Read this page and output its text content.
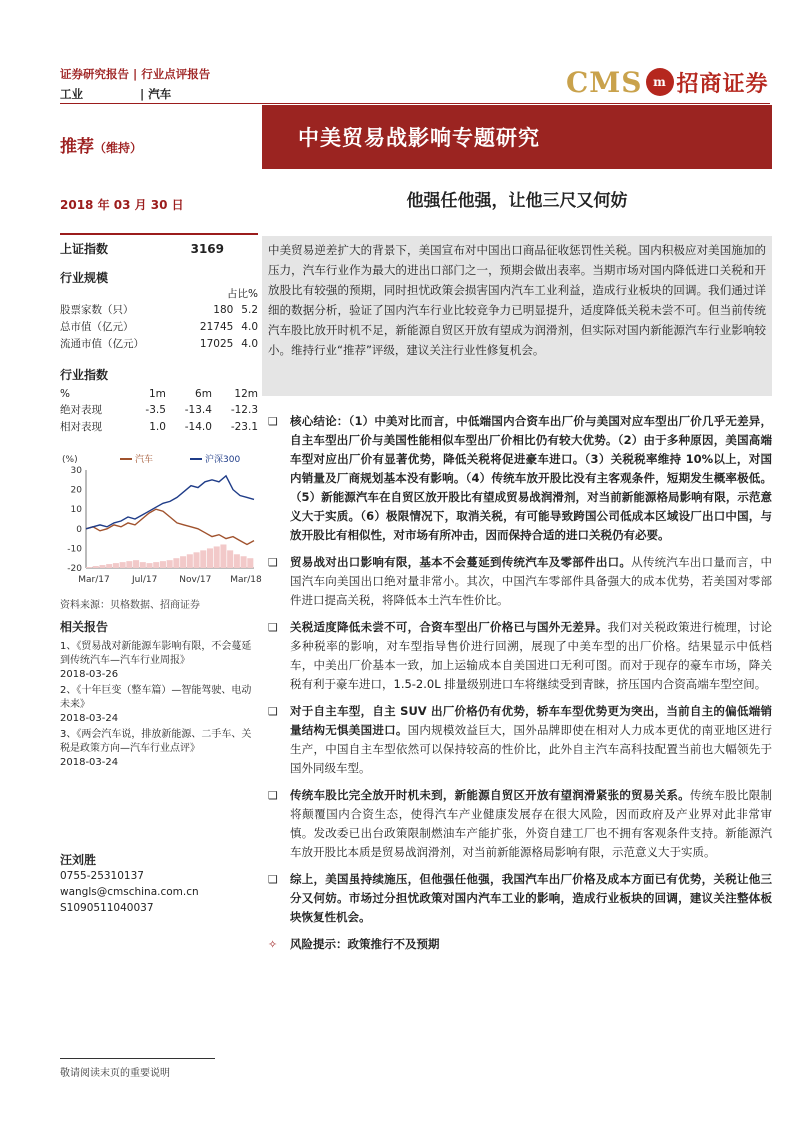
证券研究报告 | 行业点评报告
工业	| 汽车	CMS m 招商证券
推荐（维持）	中美贸易战影响专题研究
2018 年 03 月 30 日	他强任他强，让他三尺又何妨
上证指数	3169
行业规模
占比%
股票家数（只）	180	5.2
总市值（亿元）	21745	4.0
流通市值（亿元）	17025	4.0
行业指数
%	1m	6m	12m
绝对表现	-3.5	-13.4	-12.3
相对表现	1.0	-14.0	-23.1
(%)	汽车	沪深300
30
20
10
0
-10
-20
Mar/17 Jul/17 Nov/17 Mar/18
资料来源：贝格数据、招商证券
相关报告
1、《贸易战对新能源车影响有限，不会蔓延到传统汽车—汽车行业周报》
2018-03-26
2、《十年巨变（整车篇）—智能驾驶、电动未来》
2018-03-24
3、《两会汽车说，排放新能源、二手车、关税是政策方向—汽车行业点评》
2018-03-24
汪刘胜
0755-25310137
wangls@cmschina.com.cn
S1090511040037
敬请阅读末页的重要说明
中美贸易逆差扩大的背景下，美国宣布对中国出口商品征收惩罚性关税。国内积极应对美国施加的压力，汽车行业作为最大的进出口部门之一，预期会做出表率。当期市场对国内降低进口关税和开放股比有较强的预期，同时担忧政策会损害国内汽车工业利益，造成行业板块的回调。我们通过详细的数据分析，验证了国内汽车行业比较竞争力已明显提升，适度降低关税未尝不可。但当前传统汽车股比放开时机不足，新能源自贸区开放有望成为润滑剂，但实际对国内新能源汽车行业影响较小。维持行业“推荐”评级，建议关注行业性修复机会。
❑	核心结论：（1）中美对比而言，中低端国内合资车出厂价与美国对应车型出厂价几乎无差异，自主车型出厂价与美国性能相似车型出厂价相比仍有较大优势。（2）由于多种原因，美国高端车型对应出厂价有显著优势，降低关税将促进豪车进口。（3）关税税率维持 10%以上，对国内销量及厂商规划基本没有影响。（4）传统车放开股比没有主客观条件，短期发生概率极低。（5）新能源汽车在自贸区放开股比有望成贸易战润滑剂，对当前新能源格局影响有限，示范意义大于实质。（6）极限情况下，取消关税，有可能导致跨国公司低成本区域设厂出口中国，与放开股比有相似性，对市场有所冲击，因而保持合适的进口关税仍有必要。
❑	贸易战对出口影响有限，基本不会蔓延到传统汽车及零部件出口。从传统汽车出口量而言，中国汽车向美国出口绝对量非常小。其次，中国汽车零部件具备强大的成本优势，若美国对零部件进口提高关税，将降低本土汽车性价比。
❑	关税适度降低未尝不可，合资车型出厂价格已与国外无差异。我们对关税政策进行梳理，讨论多种税率的影响，对车型指导售价进行回溯，展现了中美车型的出厂价格。结果显示中低档车，中美出厂价基本一致，加上运输成本自美国进口无利可图。而对于现存的豪车市场，降关税有利于豪车进口，1.5-2.0L 排量级别进口车将继续受到青睐，挤压国内合资高端车型空间。
❑	对于自主车型，自主 SUV 出厂价格仍有优势，轿车车型优势更为突出，当前自主的偏低端销量结构无惧美国进口。国内规模效益巨大，国外品牌即使在相对人力成本更优的南亚地区进行生产，中国自主车型依然可以保持较高的性价比，此外自主汽车高科技配置当前也大幅领先于国外同级车型。
❑	传统车股比完全放开时机未到，新能源自贸区开放有望润滑紧张的贸易关系。传统车股比限制将颠覆国内合资生态，使得汽车产业健康发展存在很大风险，因而政府及产业界对此非常审慎。发改委已出台政策限制燃油车产能扩张，外资自建工厂也不拥有客观条件支持。新能源汽车放开股比本质是贸易战润滑剂，对当前新能源格局影响有限，示范意义大于实质。
❑	综上，美国虽持续施压，但他强任他强，我国汽车出厂价格及成本方面已有优势，关税让他三分又何妨。市场过分担忧政策对国内汽车工业的影响，造成行业板块的回调，建议关注整体板块恢复性机会。
✧	风险提示：政策推行不及预期
